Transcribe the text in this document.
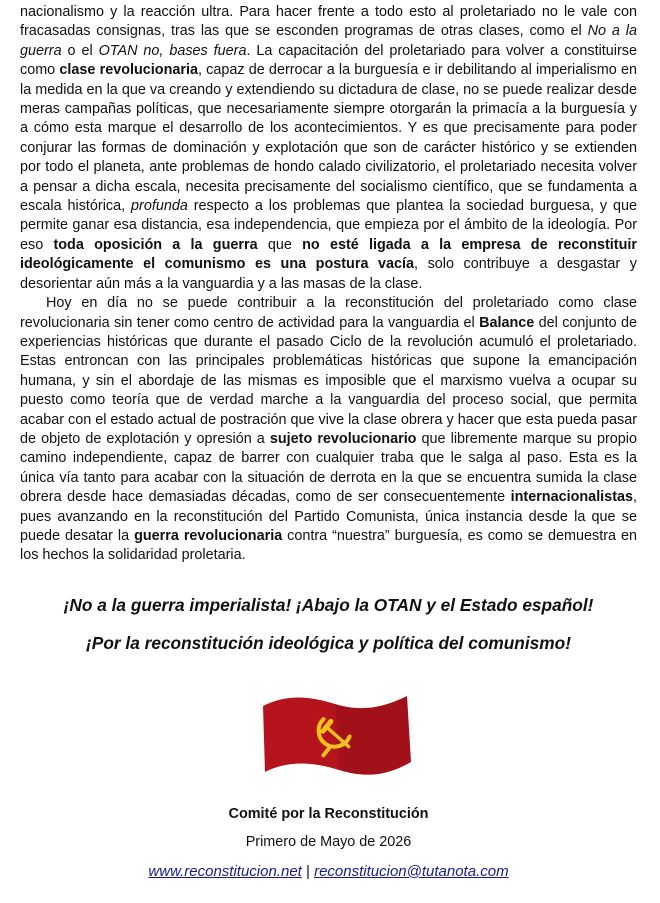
nacionalismo y la reacción ultra. Para hacer frente a todo esto al proletariado no le vale con fracasadas consignas, tras las que se esconden programas de otras clases, como el No a la guerra o el OTAN no, bases fuera. La capacitación del proletariado para volver a constituirse como clase revolucionaria, capaz de derrocar a la burguesía e ir debilitando al imperialismo en la medida en la que va creando y extendiendo su dictadura de clase, no se puede realizar desde meras campañas políticas, que necesariamente siempre otorgarán la primacía a la burguesía y a cómo esta marque el desarrollo de los acontecimientos. Y es que precisamente para poder conjurar las formas de dominación y explotación que son de carácter histórico y se extienden por todo el planeta, ante problemas de hondo calado civilizatorio, el proletariado necesita volver a pensar a dicha escala, necesita precisamente del socialismo científico, que se fundamenta a escala histórica, profunda respecto a los problemas que plantea la sociedad burguesa, y que permite ganar esa distancia, esa independencia, que empieza por el ámbito de la ideología. Por eso toda oposición a la guerra que no esté ligada a la empresa de reconstituir ideológicamente el comunismo es una postura vacía, solo contribuye a desgastar y desorientar aún más a la vanguardia y a las masas de la clase.

Hoy en día no se puede contribuir a la reconstitución del proletariado como clase revolucionaria sin tener como centro de actividad para la vanguardia el Balance del conjunto de experiencias históricas que durante el pasado Ciclo de la revolución acumuló el proletariado. Estas entroncan con las principales problemáticas históricas que supone la emancipación humana, y sin el abordaje de las mismas es imposible que el marxismo vuelva a ocupar su puesto como teoría que de verdad marche a la vanguardia del proceso social, que permita acabar con el estado actual de postración que vive la clase obrera y hacer que esta pueda pasar de objeto de explotación y opresión a sujeto revolucionario que libremente marque su propio camino independiente, capaz de barrer con cualquier traba que le salga al paso. Esta es la única vía tanto para acabar con la situación de derrota en la que se encuentra sumida la clase obrera desde hace demasiadas décadas, como de ser consecuentemente internacionalistas, pues avanzando en la reconstitución del Partido Comunista, única instancia desde la que se puede desatar la guerra revolucionaria contra “nuestra” burguesía, es como se demuestra en los hechos la solidaridad proletaria.

¡No a la guerra imperialista! ¡Abajo la OTAN y el Estado español!

¡Por la reconstitución ideológica y política del comunismo!

Comité por la Reconstitución

Primero de Mayo de 2026

www.reconstitucion.net | reconstitucion@tutanota.com
